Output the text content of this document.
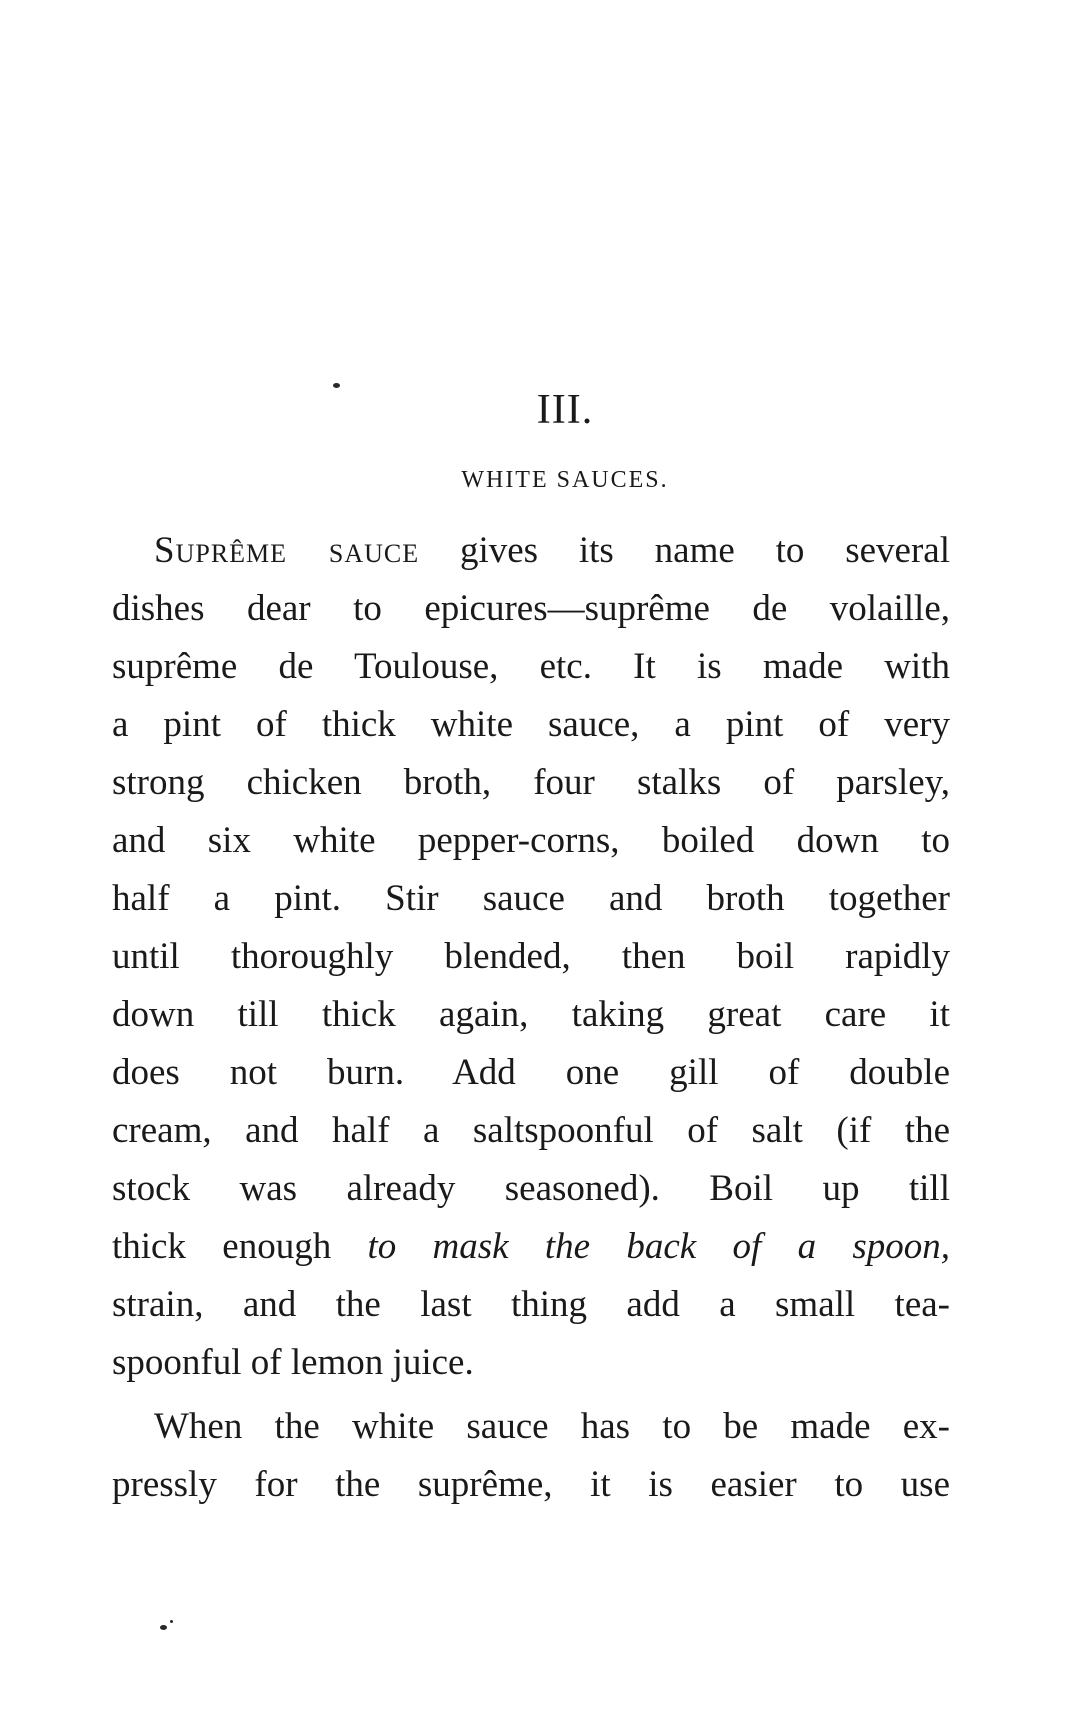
III.
WHITE SAUCES.
Suprême sauce gives its name to several
dishes dear to epicures—suprême de volaille,
suprême de Toulouse, etc. It is made with
a pint of thick white sauce, a pint of very
strong chicken broth, four stalks of parsley,
and six white pepper-corns, boiled down to
half a pint. Stir sauce and broth together
until thoroughly blended, then boil rapidly
down till thick again, taking great care it
does not burn. Add one gill of double
cream, and half a saltspoonful of salt (if the
stock was already seasoned). Boil up till
thick enough to mask the back of a spoon,
strain, and the last thing add a small tea-
spoonful of lemon juice.
When the white sauce has to be made ex-
pressly for the suprême, it is easier to use
